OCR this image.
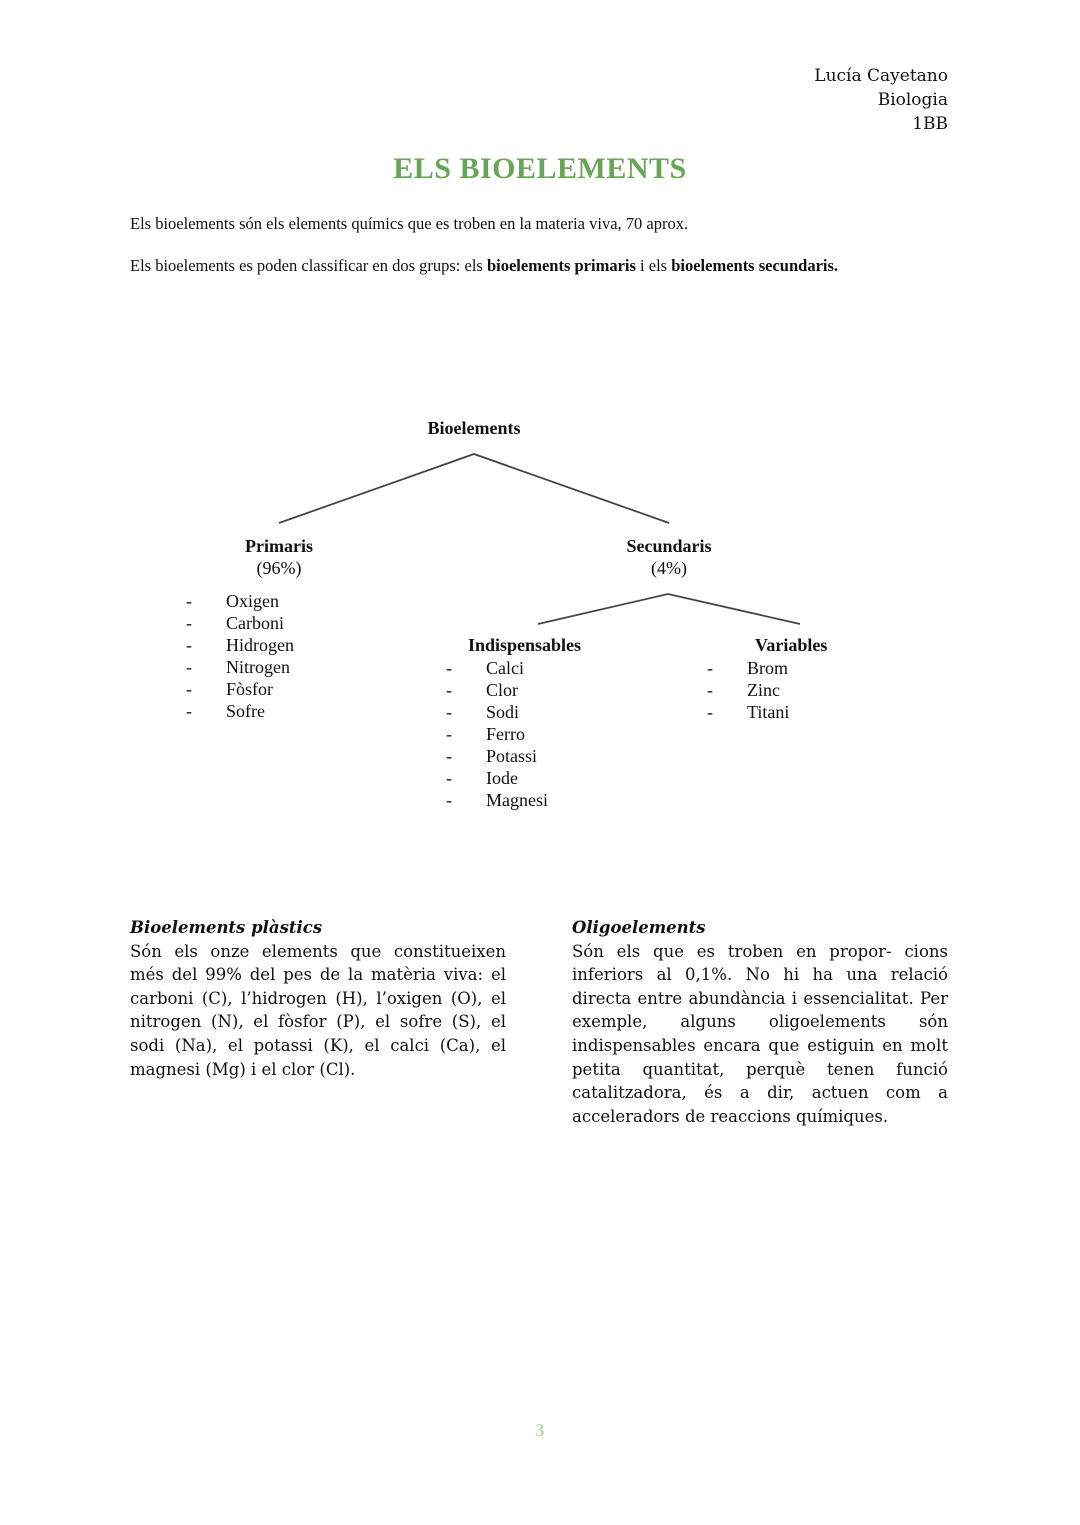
Lucía Cayetano
Biologia
1BB
ELS BIOELEMENTS
Els bioelements són els elements químics que es troben en la materia viva, 70 aprox.
Els bioelements es poden classificar en dos grups: els bioelements primaris i els bioelements secundaris.
Bioelements
Primaris
(96%)
Secundaris
(4%)
- Oxigen
- Carboni
- Hidrogen
- Nitrogen
- Fòsfor
- Sofre
Indispensables
- Calci
- Clor
- Sodi
- Ferro
- Potassi
- Iode
- Magnesi
Variables
- Brom
- Zinc
- Titani
Bioelements plàstics

Són els onze elements que constitueixen més del 99% del pes de la matèria viva: el carboni (C), l’hidrogen (H), l’oxigen (O), el nitrogen (N), el fòsfor (P), el sofre (S), el sodi (Na), el potassi (K), el calci (Ca), el magnesi (Mg) i el clor (Cl).

Oligoelements

Són els que es troben en propor- cions inferiors al 0,1%. No hi ha una relació directa entre abundància i essencialitat. Per exemple, alguns oligoelements són indispensables encara que estiguin en molt petita quantitat, perquè tenen funció catalitzadora, és a dir, actuen com a acceleradors de reaccions químiques.

3
